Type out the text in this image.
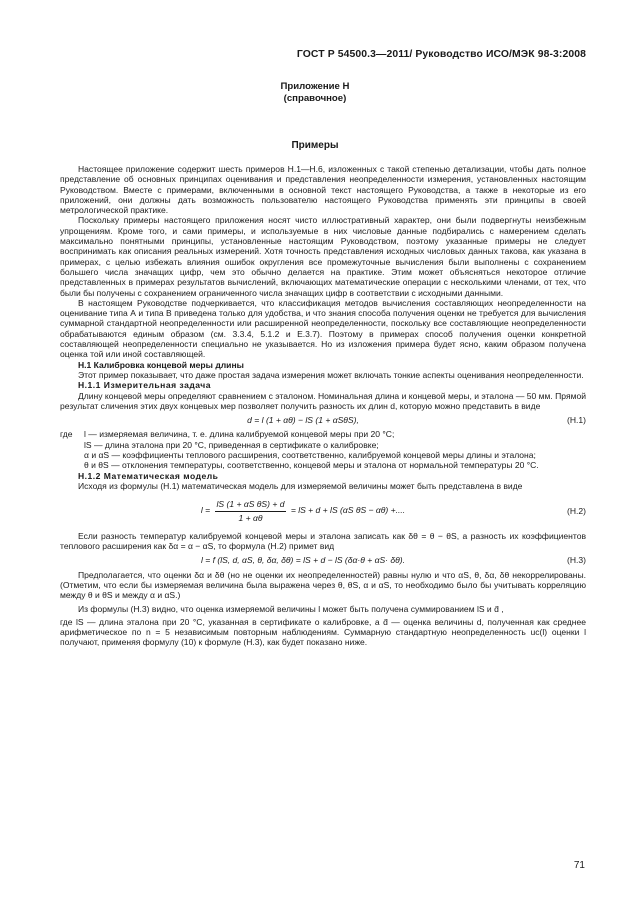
ГОСТ Р 54500.3—2011/ Руководство ИСО/МЭК 98-3:2008
Приложение Н
(справочное)
Примеры

Настоящее приложение содержит шесть примеров Н.1—Н.6, изложенных с такой степенью детализации, чтобы дать полное представление об основных принципах оценивания и представления неопределенности измерения, установленных настоящим Руководством. Вместе с примерами, включенными в основной текст настоящего Руководства, а также в некоторые из его приложений, они должны дать возможность пользователю настоящего Руководства применять эти принципы в своей метрологической практике.

Поскольку примеры настоящего приложения носят чисто иллюстративный характер, они были подвергнуты неизбежным упрощениям. Кроме того, и сами примеры, и используемые в них числовые данные подбирались с намерением сделать максимально понятными принципы, установленные настоящим Руководством, поэтому указанные примеры не следует воспринимать как описания реальных измерений. Хотя точность представления исходных числовых данных такова, как указана в примерах, с целью избежать влияния ошибок округления все промежуточные вычисления были выполнены с сохранением большего числа значащих цифр, чем это обычно делается на практике. Этим может объясняться некоторое отличие представленных в примерах результатов вычислений, включающих математические операции с несколькими членами, от тех, что были бы получены с сохранением ограниченного числа значащих цифр в соответствии с исходными данными.

В настоящем Руководстве подчеркивается, что классификация методов вычисления составляющих неопределенности на оценивание типа А и типа В приведена только для удобства, и что знания способа получения оценки не требуется для вычисления суммарной стандартной неопределенности или расширенной неопределенности, поскольку все составляющие неопределенности обрабатываются единым образом (см. 3.3.4, 5.1.2 и Е.3.7). Поэтому в примерах способ получения оценки конкретной составляющей неопределенности специально не указывается. Но из изложения примера будет ясно, каким образом получена оценка той или иной составляющей.

Н.1 Калибровка концевой меры длины

Этот пример показывает, что даже простая задача измерения может включать тонкие аспекты оценивания неопределенности.

Н.1.1 Измерительная задача

Длину концевой меры определяют сравнением с эталоном. Номинальная длина и концевой меры, и эталона — 50 мм. Прямой результат сличения этих двух концевых мер позволяет получить разность их длин d, которую можно представить в виде

d = l (1 + αθ) − lS (1 + αSθS),	(Н.1)
где	l — измеряемая величина, т. е. длина калибруемой концевой меры при 20 °С;

lS — длина эталона при 20 °С, приведенная в сертификате о калибровке;

α и αS — коэффициенты теплового расширения, соответственно, калибруемой концевой меры длины и эталона;

θ и θS — отклонения температуры, соответственно, концевой меры и эталона от нормальной температуры 20 °С.

Н.1.2 Математическая модель

Исходя из формулы (Н.1) математическая модель для измеряемой величины может быть представлена в виде

$l = \frac{\text{lS (1 + αS θS) + d}}{1 + \alpha\theta}$ = lS + d + lS (αS θS − αθ) +....	(Н.2)

Если разность температур калибруемой концевой меры и эталона записать как δθ = θ − θS, а разность их коэффициентов теплового расширения как δα = α − αS, то формула (Н.2) примет вид

l = f (lS, d, αS, θ, δα, δθ) = lS + d − lS (δα·θ + αS· δθ).	(Н.3)

Предполагается, что оценки δα и δθ (но не оценки их неопределенностей) равны нулю и что αS, θ, δα, δθ некоррелированы. (Отметим, что если бы измеряемая величина была выражена через θ, θS, α и αS, то необходимо было бы учитывать корреляцию между θ и θS и между α и αS.)

Из формулы (Н.3) видно, что оценка измеряемой величины l может быть получена суммированием lS и d̄ ,

где lS — длина эталона при 20 °С, указанная в сертификате о калибровке, а d̄ — оценка величины d, полученная как среднее арифметическое по n = 5 независимым повторным наблюдениям. Суммарную стандартную неопределенность uc(l) оценки l получают, применяя формулу (10) к формуле (Н.3), как будет показано ниже.

71
